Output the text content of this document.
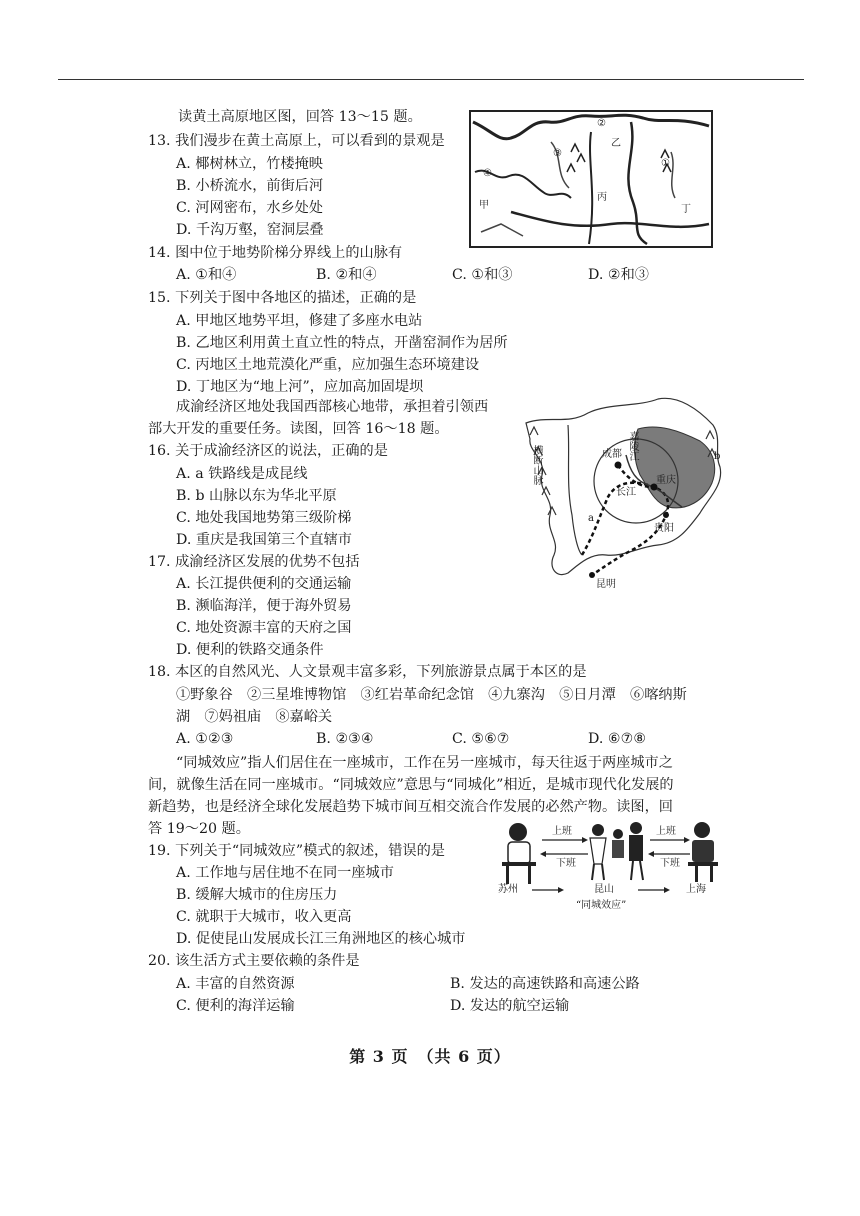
读黄土高原地区图，回答 13～15 题。	②
③
乙
①
④
丙
甲	丁
13. 我们漫步在黄土高原上，可以看到的景观是
A. 椰树林立，竹楼掩映
B. 小桥流水，前街后河
C. 河网密布，水乡处处
D. 千沟万壑，窑洞层叠
14. 图中位于地势阶梯分界线上的山脉有
A. ①和④	B. ②和④	C. ①和③	D. ②和③
15. 下列关于图中各地区的描述，正确的是
A. 甲地区地势平坦，修建了多座水电站
B. 乙地区利用黄土直立性的特点，开凿窑洞作为居所
C. 丙地区土地荒漠化严重，应加强生态环境建设
D. 丁地区为“地上河”，应加高加固堤坝
成渝经济区地处我国西部核心地带，承担着引领西
部大开发的重要任务。读图，回答 16～18 题。
成都
重庆
嘉陵江
长江
横断山脉
a
b
贵阳
昆明
16. 关于成渝经济区的说法，正确的是
A. a 铁路线是成昆线
B. b 山脉以东为华北平原
C. 地处我国地势第三级阶梯
D. 重庆是我国第三个直辖市
17. 成渝经济区发展的优势不包括
A. 长江提供便利的交通运输
B. 濒临海洋，便于海外贸易
C. 地处资源丰富的天府之国
D. 便利的铁路交通条件
18. 本区的自然风光、人文景观丰富多彩，下列旅游景点属于本区的是
①野象谷　②三星堆博物馆　③红岩革命纪念馆　④九寨沟　⑤日月潭　⑥喀纳斯
湖　⑦妈祖庙　⑧嘉峪关
A. ①②③	B. ②③④	C. ⑤⑥⑦	D. ⑥⑦⑧
“同城效应”指人们居住在一座城市，工作在另一座城市，每天往返于两座城市之
间，就像生活在同一座城市。“同城效应”意思与“同城化”相近，是城市现代化发展的
新趋势，也是经济全球化发展趋势下城市间互相交流合作发展的必然产物。读图，回
答 19～20 题。	上班
下班
上班
下班
苏州	昆山	上海
“同城效应”
19. 下列关于“同城效应”模式的叙述，错误的是
A. 工作地与居住地不在同一座城市
B. 缓解大城市的住房压力
C. 就职于大城市，收入更高
D. 促使昆山发展成长江三角洲地区的核心城市
20. 该生活方式主要依赖的条件是
A. 丰富的自然资源	B. 发达的高速铁路和高速公路
C. 便利的海洋运输	D. 发达的航空运输
第 3 页　（共 6 页）
